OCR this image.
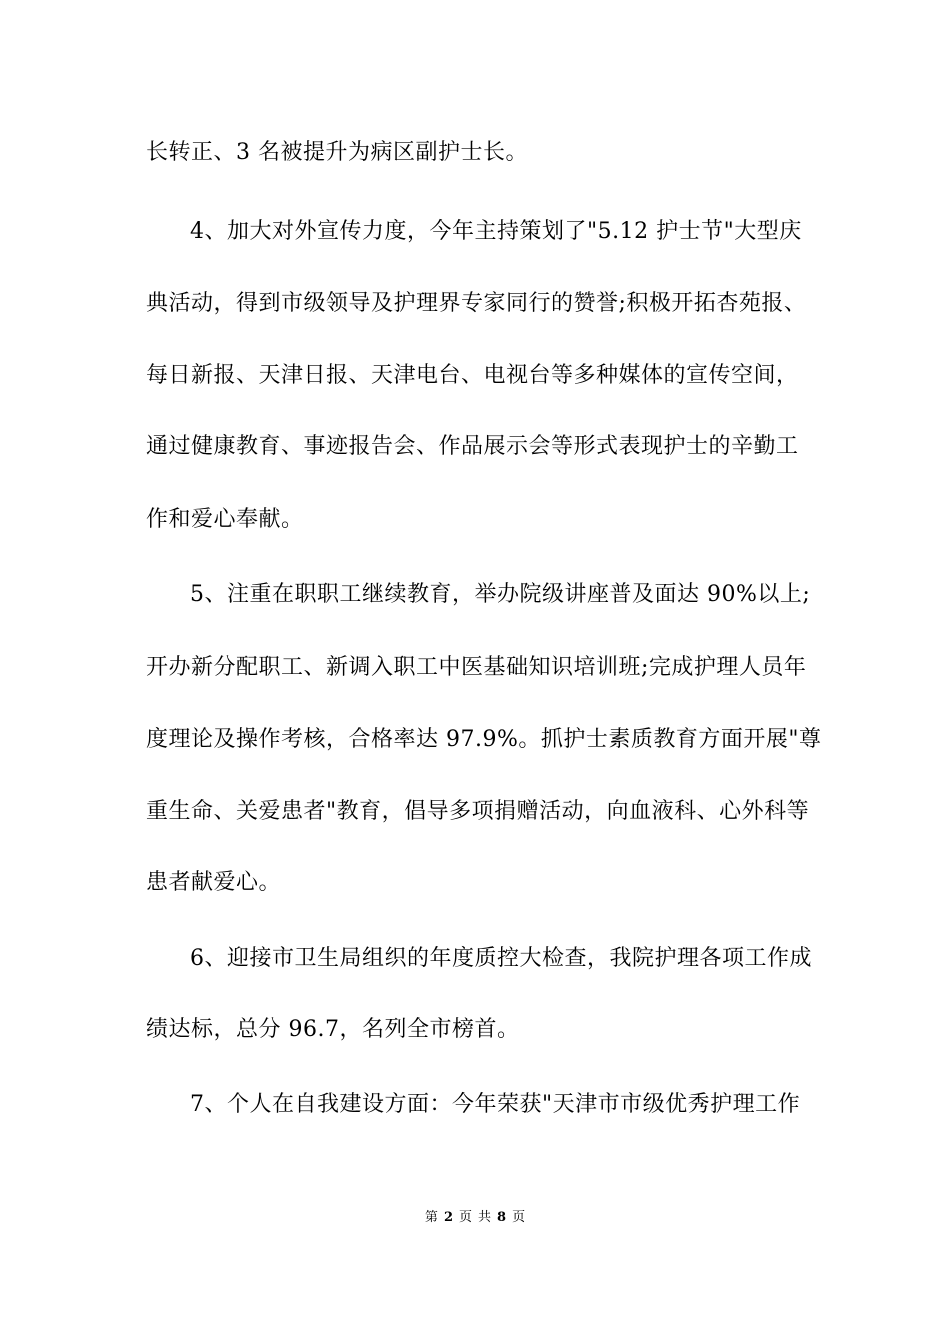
长转正、3 名被提升为病区副护士长。
4、加大对外宣传力度，今年主持策划了"5.12 护士节"大型庆
典活动，得到市级领导及护理界专家同行的赞誉;积极开拓杏苑报、
每日新报、天津日报、天津电台、电视台等多种媒体的宣传空间，
通过健康教育、事迹报告会、作品展示会等形式表现护士的辛勤工
作和爱心奉献。
5、注重在职职工继续教育，举办院级讲座普及面达 90%以上;
开办新分配职工、新调入职工中医基础知识培训班;完成护理人员年
度理论及操作考核，合格率达 97.9%。抓护士素质教育方面开展"尊
重生命、关爱患者"教育，倡导多项捐赠活动，向血液科、心外科等
患者献爱心。
6、迎接市卫生局组织的年度质控大检查，我院护理各项工作成
绩达标，总分 96.7，名列全市榜首。
7、个人在自我建设方面：今年荣获"天津市市级优秀护理工作
第 2 页 共 8 页
